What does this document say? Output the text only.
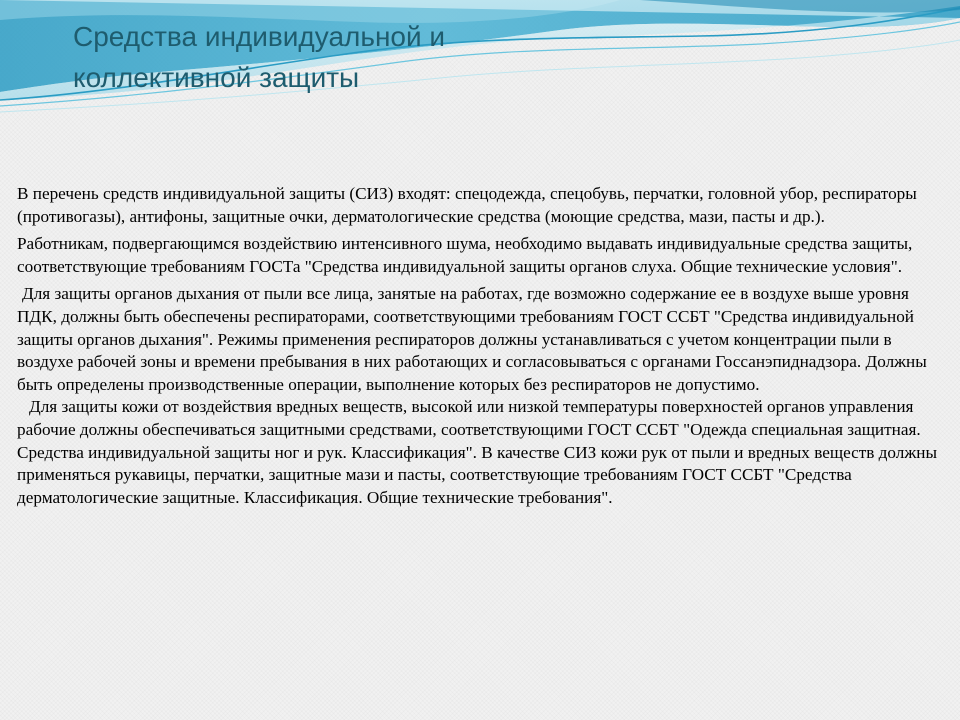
Средства индивидуальной и коллективной защиты

В перечень средств индивидуальной защиты (СИЗ) входят: спецодежда, спецобувь, перчатки, головной убор, респираторы (противогазы), антифоны, защитные очки, дерматологические средства (моющие средства, мази, пасты и др.).

Работникам, подвергающимся воздействию интенсивного шума, необходимо выдавать индивидуальные средства защиты, соответствующие требованиям ГОСТа "Средства индивидуальной защиты органов слуха. Общие технические условия".

Для защиты органов дыхания от пыли все лица, занятые на работах, где возможно содержание ее в воздухе выше уровня ПДК, должны быть обеспечены респираторами, соответствующими требованиям ГОСТ ССБТ "Средства индивидуальной защиты органов дыхания". Режимы применения респираторов должны устанавливаться с учетом концентрации пыли в воздухе рабочей зоны и времени пребывания в них работающих и согласовываться с органами Госсанэпиднадзора. Должны быть определены производственные операции, выполнение которых без респираторов не допустимо.

Для защиты кожи от воздействия вредных веществ, высокой или низкой температуры поверхностей органов управления рабочие должны обеспечиваться защитными средствами, соответствующими ГОСТ ССБТ "Одежда специальная защитная. Средства индивидуальной защиты ног и рук. Классификация". В качестве СИЗ кожи рук от пыли и вредных веществ должны применяться рукавицы, перчатки, защитные мази и пасты, соответствующие требованиям ГОСТ ССБТ "Средства дерматологические защитные. Классификация. Общие технические требования".
